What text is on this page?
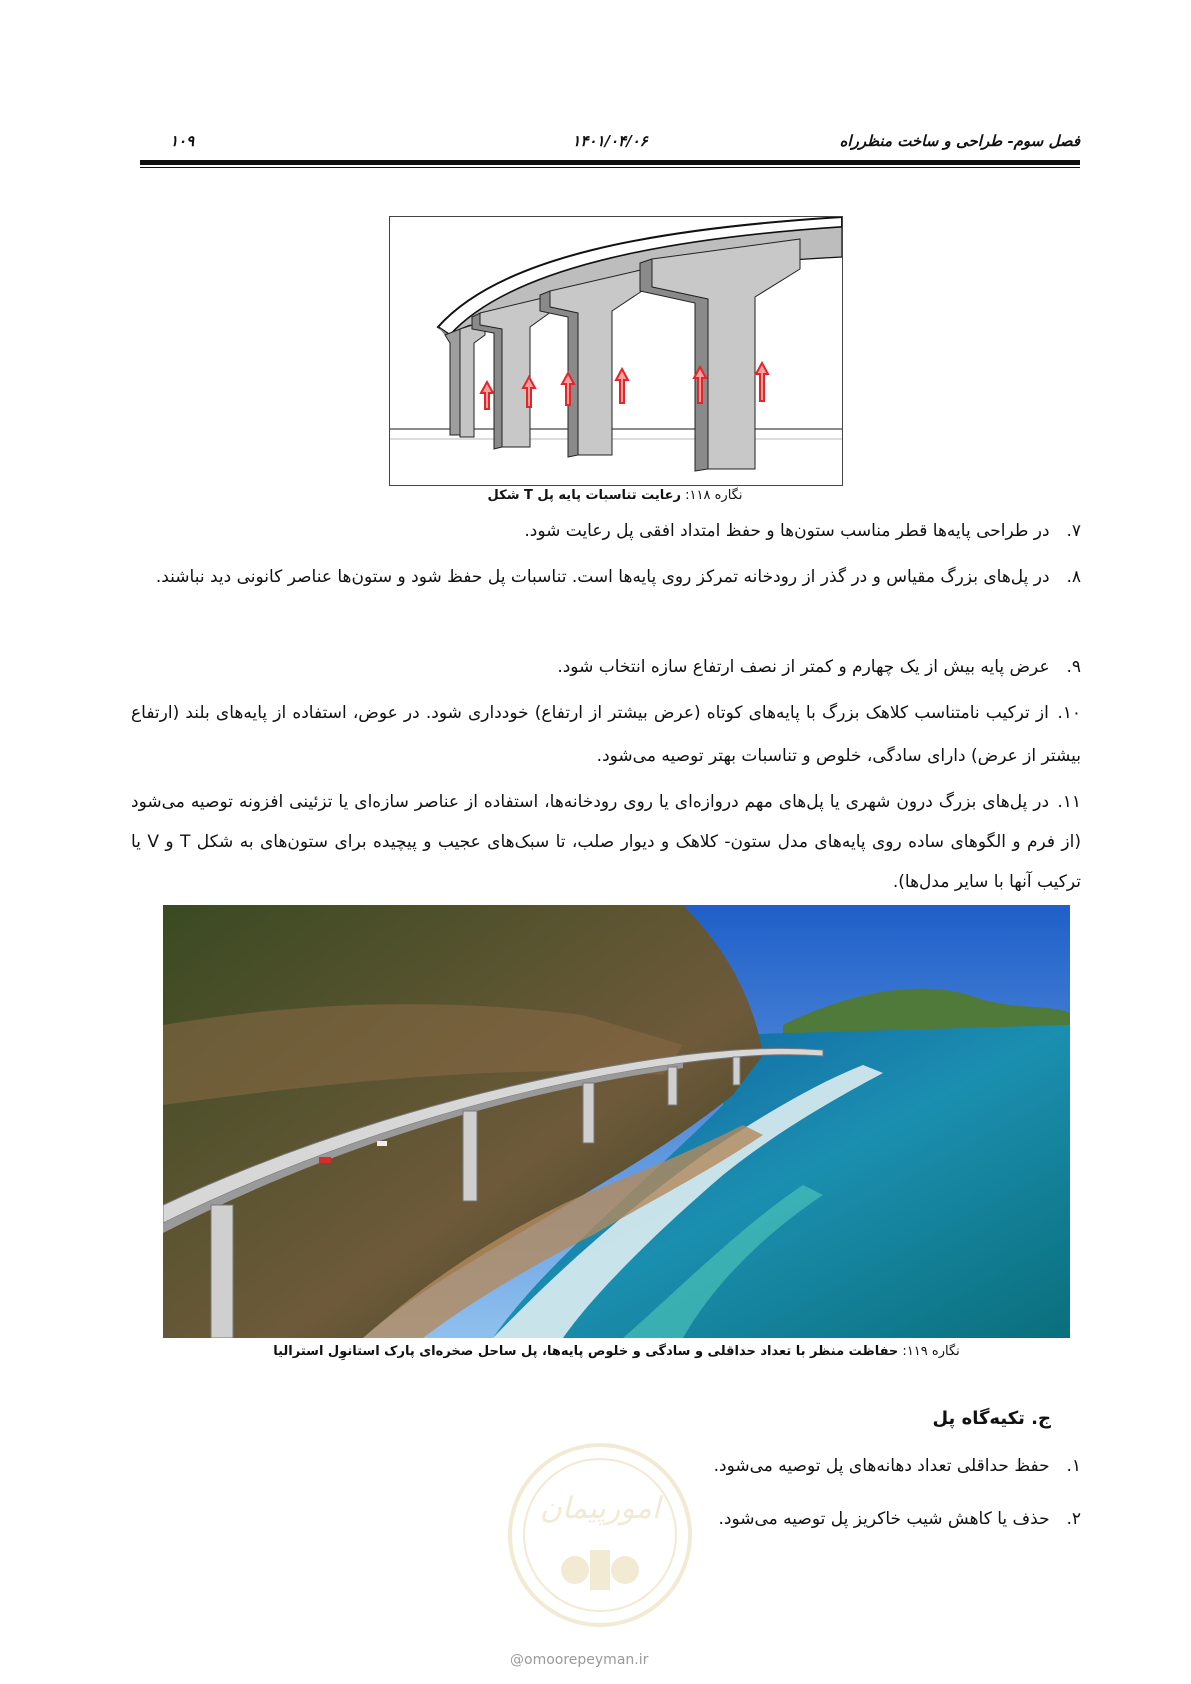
فصل سوم- طراحی و ساخت منظرراه
۱۴۰۱/۰۴/۰۶
۱۰۹
نگاره ۱۱۸: رعایت تناسبات پایه پل T شکل
۷. در طراحی پایه‌ها قطر مناسب ستون‌ها و حفظ امتداد افقی پل رعایت شود.
۸. در پل‌های بزرگ مقیاس و در گذر از رودخانه تمرکز روی پایه‌ها است. تناسبات پل حفظ شود و ستون‌ها عناصر کانونی دید نباشند.
۹. عرض پایه بیش از یک چهارم و کمتر از نصف ارتفاع سازه انتخاب شود.
۱۰. از ترکیب نامتناسب کلاهک بزرگ با پایه‌های کوتاه (عرض بیشتر از ارتفاع) خودداری شود. در عوض، استفاده از پایه‌های بلند (ارتفاع بیشتر از عرض) دارای سادگی، خلوص و تناسبات بهتر توصیه می‌شود.
۱۱. در پل‌های بزرگ درون شهری یا پل‌های مهم دروازه‌ای یا روی رودخانه‌ها، استفاده از عناصر سازه‌ای یا تزئینی افزونه توصیه می‌شود (از فرم و الگوهای ساده روی پایه‌های مدل ستون- کلاهک و دیوار صلب، تا سبک‌های عجیب و پیچیده برای ستون‌های به شکل T و V یا ترکیب آنها با سایر مدل‌ها).
نگاره ۱۱۹: حفاظت منظر با تعداد حداقلی و سادگی و خلوص پایه‌ها، پل ساحل صخره‌ای پارک استانوِل استرالیا
ج. تکیه‌گاه پل
۱. حفظ حداقلی تعداد دهانه‌های پل توصیه می‌شود.
۲. حذف یا کاهش شیب خاکریز پل توصیه می‌شود.
امورپیمان
@omoorepeyman.ir
